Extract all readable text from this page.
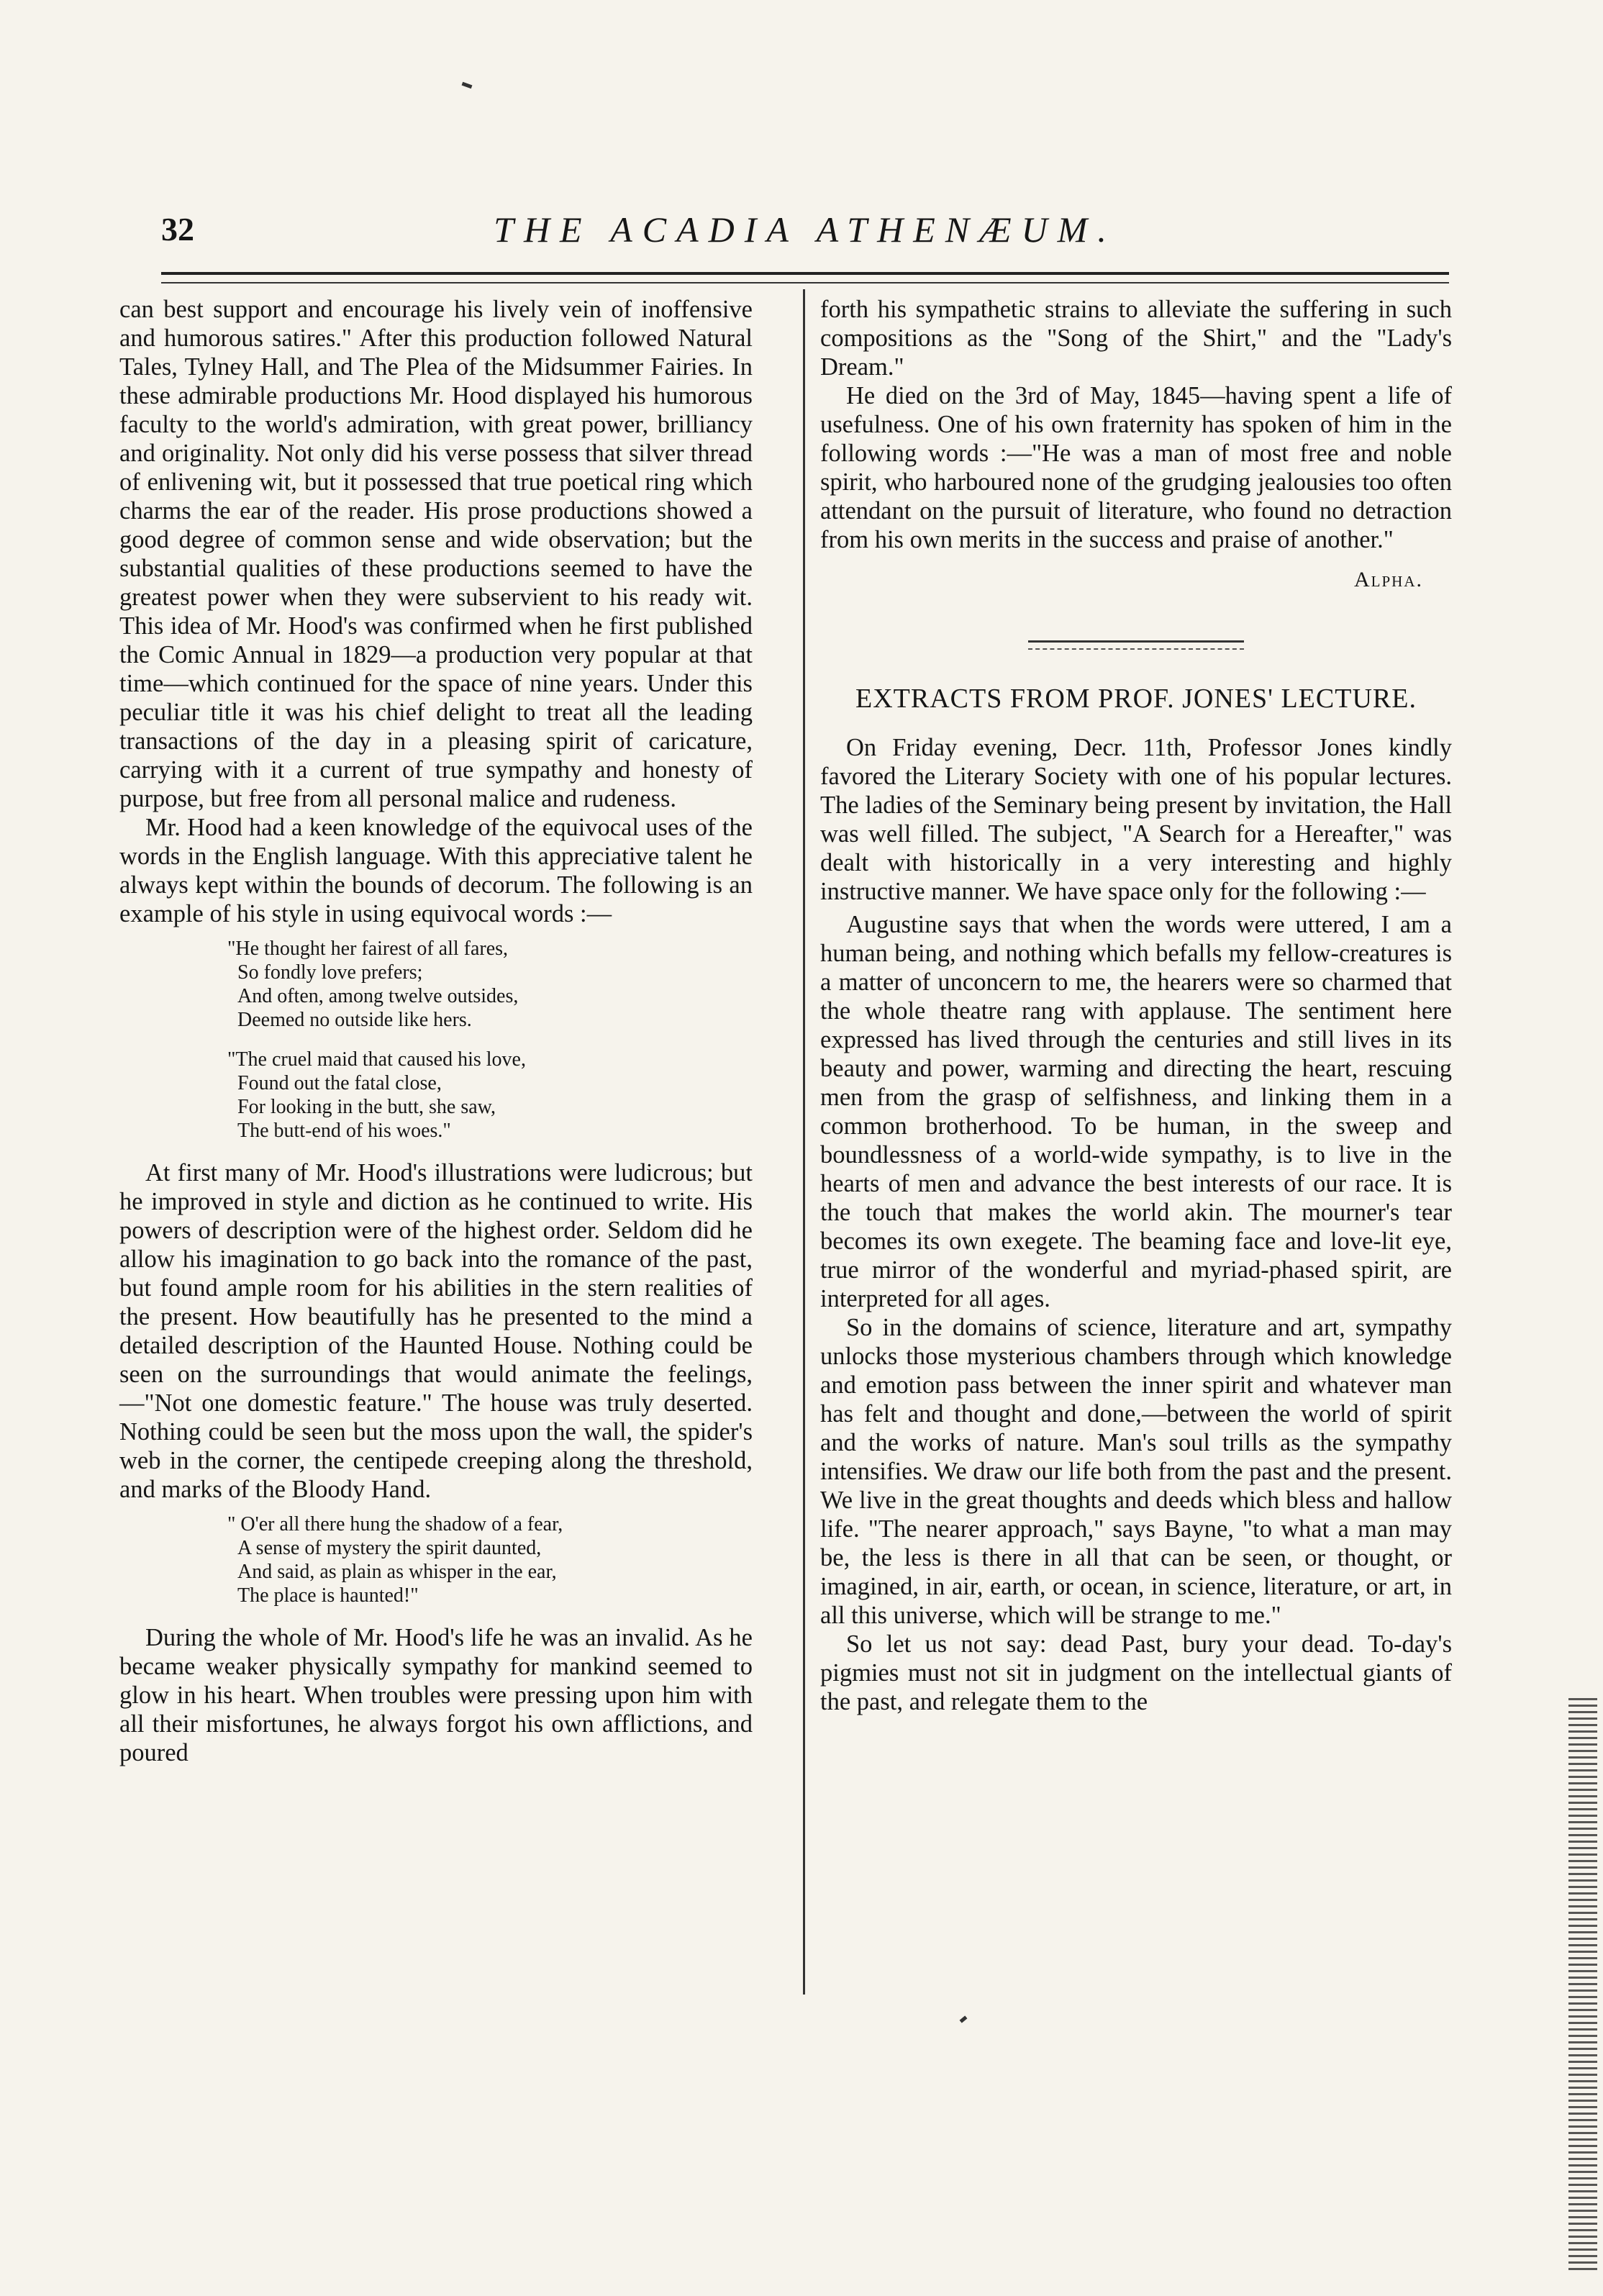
32	THE ACADIA ATHENÆUM.

can best support and encourage his lively vein of inoffensive and humorous satires." After this production followed Natural Tales, Tylney Hall, and The Plea of the Midsummer Fairies. In these admirable productions Mr. Hood displayed his humorous faculty to the world's admiration, with great power, brilliancy and originality. Not only did his verse possess that silver thread of enlivening wit, but it possessed that true poetical ring which charms the ear of the reader. His prose productions showed a good degree of common sense and wide observation; but the substantial qualities of these productions seemed to have the greatest power when they were subservient to his ready wit. This idea of Mr. Hood's was confirmed when he first published the Comic Annual in 1829—a production very popular at that time—which continued for the space of nine years. Under this peculiar title it was his chief delight to treat all the leading transactions of the day in a pleasing spirit of caricature, carrying with it a current of true sympathy and honesty of purpose, but free from all personal malice and rudeness.

Mr. Hood had a keen knowledge of the equivocal uses of the words in the English language. With this appreciative talent he always kept within the bounds of decorum. The following is an example of his style in using equivocal words :—

"He thought her fairest of all fares,
So fondly love prefers;
And often, among twelve outsides,
Deemed no outside like hers.
"The cruel maid that caused his love,
Found out the fatal close,
For looking in the butt, she saw,
The butt-end of his woes."

At first many of Mr. Hood's illustrations were ludicrous; but he improved in style and diction as he continued to write. His powers of description were of the highest order. Seldom did he allow his imagination to go back into the romance of the past, but found ample room for his abilities in the stern realities of the present. How beautifully has he presented to the mind a detailed description of the Haunted House. Nothing could be seen on the surroundings that would animate the feelings,—"Not one domestic feature." The house was truly deserted. Nothing could be seen but the moss upon the wall, the spider's web in the corner, the centipede creeping along the threshold, and marks of the Bloody Hand.

" O'er all there hung the shadow of a fear,
A sense of mystery the spirit daunted,
And said, as plain as whisper in the ear,
The place is haunted!"

During the whole of Mr. Hood's life he was an invalid. As he became weaker physically sympathy for mankind seemed to glow in his heart. When troubles were pressing upon him with all their misfortunes, he always forgot his own afflictions, and poured

forth his sympathetic strains to alleviate the suffering in such compositions as the "Song of the Shirt," and the "Lady's Dream."

He died on the 3rd of May, 1845—having spent a life of usefulness. One of his own fraternity has spoken of him in the following words :—"He was a man of most free and noble spirit, who harboured none of the grudging jealousies too often attendant on the pursuit of literature, who found no detraction from his own merits in the success and praise of another."

Alpha.
EXTRACTS FROM PROF. JONES' LECTURE.

On Friday evening, Decr. 11th, Professor Jones kindly favored the Literary Society with one of his popular lectures. The ladies of the Seminary being present by invitation, the Hall was well filled. The subject, "A Search for a Hereafter," was dealt with historically in a very interesting and highly instructive manner. We have space only for the following :—

Augustine says that when the words were uttered, I am a human being, and nothing which befalls my fellow-creatures is a matter of unconcern to me, the hearers were so charmed that the whole theatre rang with applause. The sentiment here expressed has lived through the centuries and still lives in its beauty and power, warming and directing the heart, rescuing men from the grasp of selfishness, and linking them in a common brotherhood. To be human, in the sweep and boundlessness of a world-wide sympathy, is to live in the hearts of men and advance the best interests of our race. It is the touch that makes the world akin. The mourner's tear becomes its own exegete. The beaming face and love-lit eye, true mirror of the wonderful and myriad-phased spirit, are interpreted for all ages.

So in the domains of science, literature and art, sympathy unlocks those mysterious chambers through which knowledge and emotion pass between the inner spirit and whatever man has felt and thought and done,—between the world of spirit and the works of nature. Man's soul trills as the sympathy intensifies. We draw our life both from the past and the present. We live in the great thoughts and deeds which bless and hallow life. "The nearer approach," says Bayne, "to what a man may be, the less is there in all that can be seen, or thought, or imagined, in air, earth, or ocean, in science, literature, or art, in all this universe, which will be strange to me."

So let us not say: dead Past, bury your dead. To-day's pigmies must not sit in judgment on the intellectual giants of the past, and relegate them to the
